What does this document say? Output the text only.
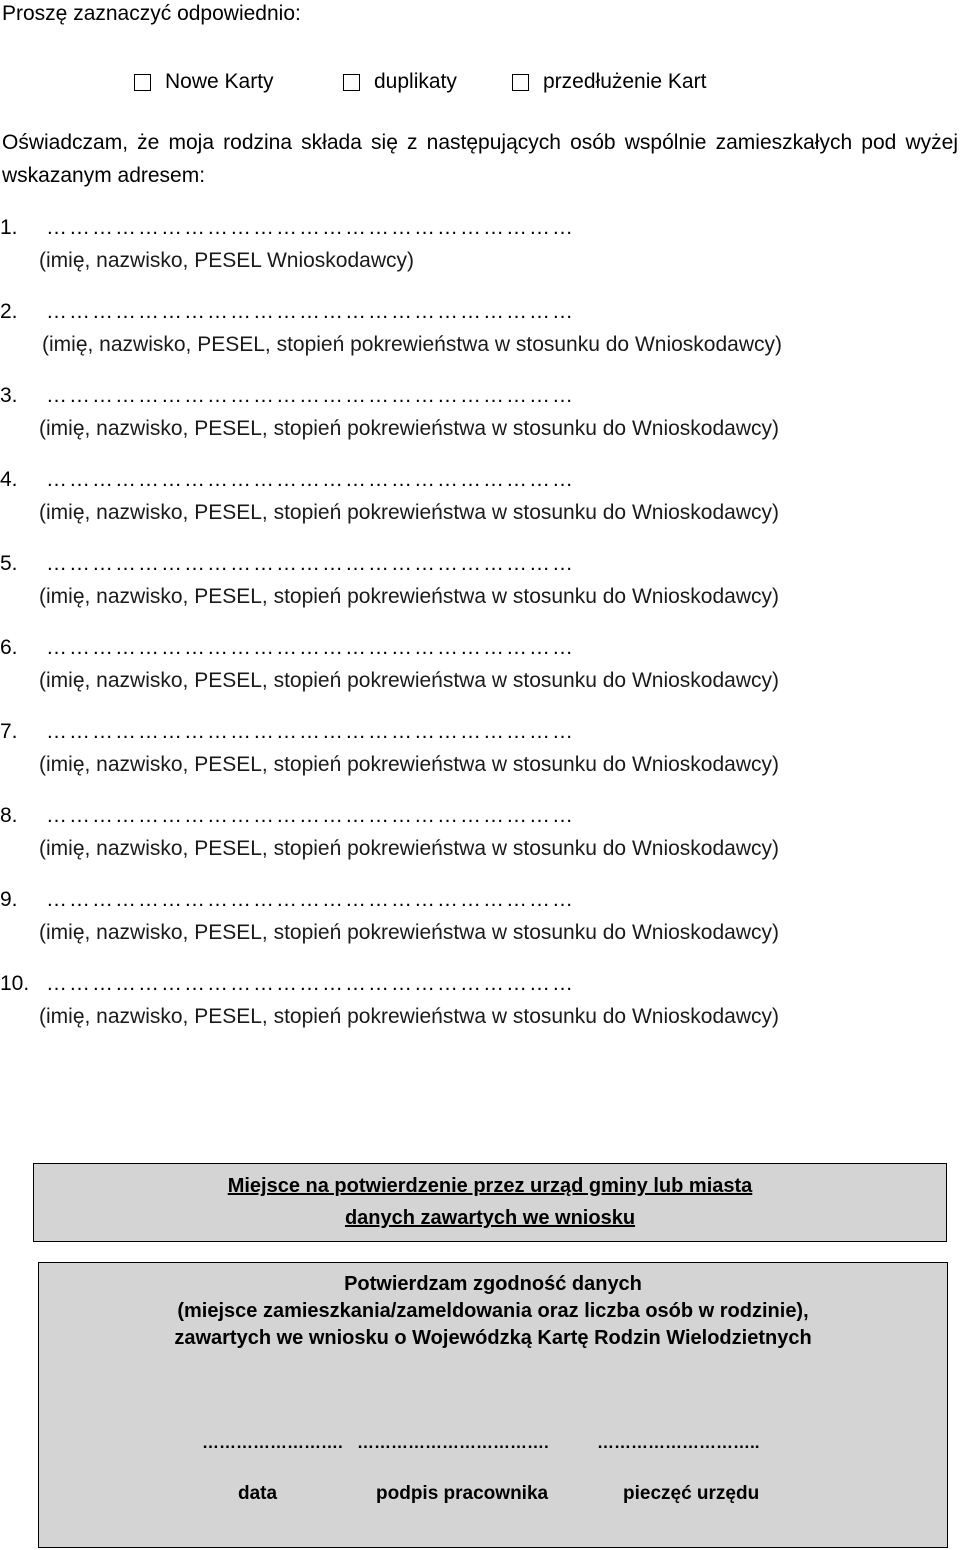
Proszę zaznaczyć odpowiednio:
Nowe Karty	duplikaty	przedłużenie Kart
Oświadczam, że moja rodzina składa się z następujących osób wspólnie zamieszkałych pod wyżej wskazanym adresem:
1. ……………………………………………………………
(imię, nazwisko, PESEL Wnioskodawcy)
2. ……………………………………………………………
(imię, nazwisko, PESEL, stopień pokrewieństwa w stosunku do Wnioskodawcy)
3. ……………………………………………………………
(imię, nazwisko, PESEL, stopień pokrewieństwa w stosunku do Wnioskodawcy)
4. ……………………………………………………………
(imię, nazwisko, PESEL, stopień pokrewieństwa w stosunku do Wnioskodawcy)
5. ……………………………………………………………
(imię, nazwisko, PESEL, stopień pokrewieństwa w stosunku do Wnioskodawcy)
6. ……………………………………………………………
(imię, nazwisko, PESEL, stopień pokrewieństwa w stosunku do Wnioskodawcy)
7. ……………………………………………………………
(imię, nazwisko, PESEL, stopień pokrewieństwa w stosunku do Wnioskodawcy)
8. ……………………………………………………………
(imię, nazwisko, PESEL, stopień pokrewieństwa w stosunku do Wnioskodawcy)
9. ……………………………………………………………
(imię, nazwisko, PESEL, stopień pokrewieństwa w stosunku do Wnioskodawcy)
10. ……………………………………………………………
(imię, nazwisko, PESEL, stopień pokrewieństwa w stosunku do Wnioskodawcy)
Miejsce na potwierdzenie przez urząd gminy lub miasta
danych zawartych we wniosku
Potwierdzam zgodność danych
(miejsce zamieszkania/zameldowania oraz liczba osób w rodzinie),
zawartych we wniosku o Wojewódzką Kartę Rodzin Wielodzietnych
……………………. …………………………….	………………………..
data	podpis pracownika	pieczęć urzędu
